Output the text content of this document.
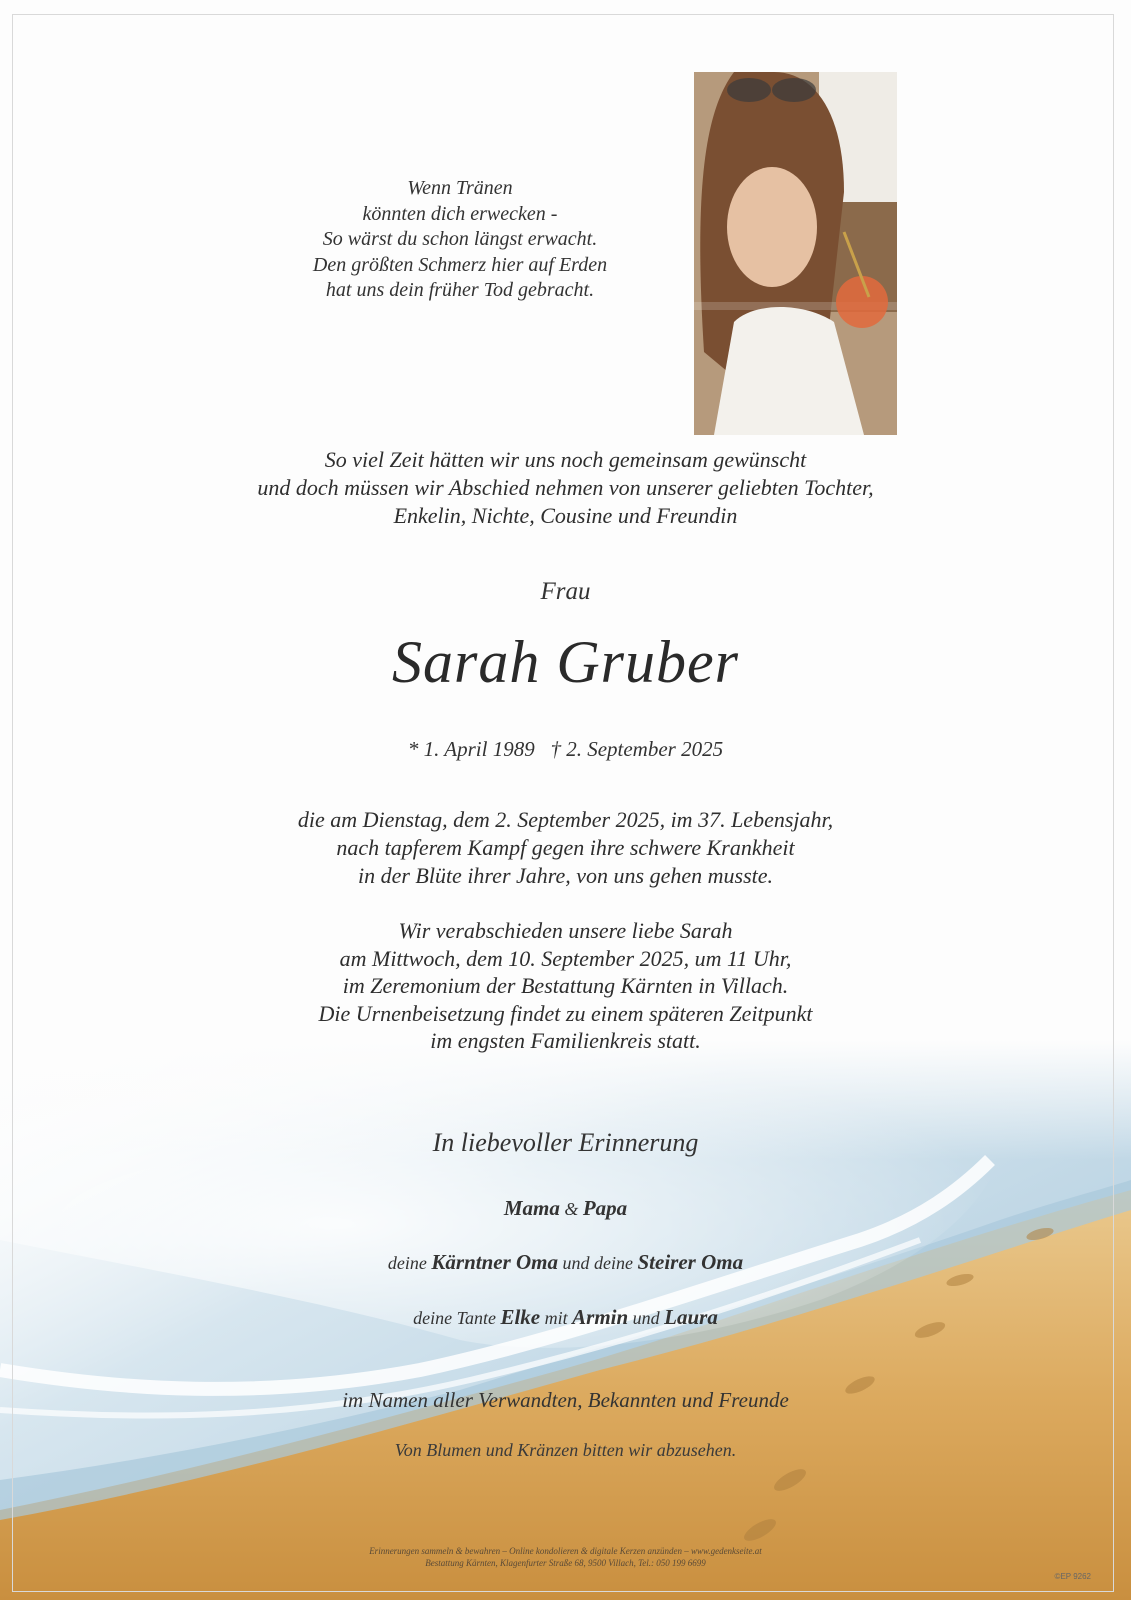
Wenn Tränen
könnten dich erwecken -
So wärst du schon längst erwacht.
Den größten Schmerz hier auf Erden
hat uns dein früher Tod gebracht.
So viel Zeit hätten wir uns noch gemeinsam gewünscht
und doch müssen wir Abschied nehmen von unserer geliebten Tochter,
Enkelin, Nichte, Cousine und Freundin
Frau
Sarah Gruber
* 1. April 1989   † 2. September 2025
die am Dienstag, dem 2. September 2025, im 37. Lebensjahr,
nach tapferem Kampf gegen ihre schwere Krankheit
in der Blüte ihrer Jahre, von uns gehen musste.
Wir verabschieden unsere liebe Sarah
am Mittwoch, dem 10. September 2025, um 11 Uhr,
im Zeremonium der Bestattung Kärnten in Villach.
Die Urnenbeisetzung findet zu einem späteren Zeitpunkt
im engsten Familienkreis statt.
In liebevoller Erinnerung
Mama & Papa
deine Kärntner Oma und deine Steirer Oma
deine Tante Elke mit Armin und Laura
im Namen aller Verwandten, Bekannten und Freunde
Von Blumen und Kränzen bitten wir abzusehen.
Erinnerungen sammeln & bewahren – Online kondolieren & digitale Kerzen anzünden – www.gedenkseite.at
Bestattung Kärnten, Klagenfurter Straße 68, 9500 Villach, Tel.: 050 199 6699
©EP 9262
